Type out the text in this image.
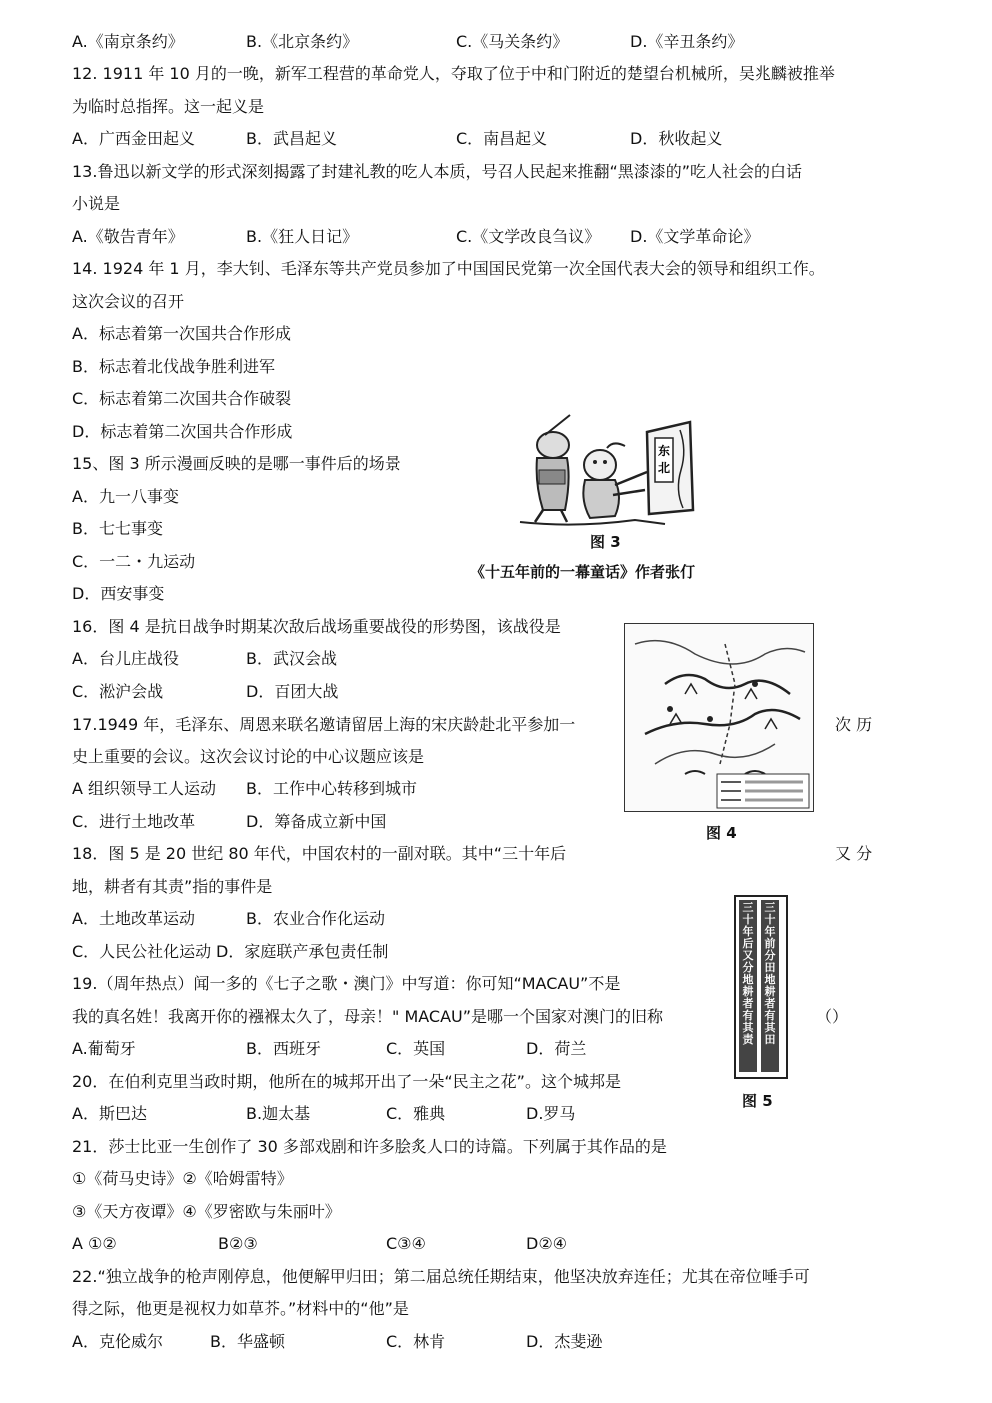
A.《南京条约》	B.《北京条约》	C.《马关条约》	D.《辛丑条约》
12. 1911 年 10 月的一晚，新军工程营的革命党人，夺取了位于中和门附近的楚望台机械所，吴兆麟被推举
为临时总指挥。这一起义是
A．广西金田起义	B．武昌起义	C．南昌起义	D．秋收起义
13.鲁迅以新文学的形式深刻揭露了封建礼教的吃人本质，号召人民起来推翻“黑漆漆的”吃人社会的白话
小说是
A.《敬告青年》	B.《狂人日记》	C.《文学改良刍议》 D.《文学革命论》
14. 1924 年 1 月，李大钊、毛泽东等共产党员参加了中国国民党第一次全国代表大会的领导和组织工作。
这次会议的召开
A．标志着第一次国共合作形成
B．标志着北伐战争胜利进军
C．标志着第二次国共合作破裂
D．标志着第二次国共合作形成
15、图 3 所示漫画反映的是哪一事件后的场景
A．九一八事变
B．七七事变
C．一二・九运动
D．西安事变
东
北
图 3
《十五年前的一幕童话》作者张仃
16．图 4 是抗日战争时期某次敌后战场重要战役的形势图，该战役是
A．台儿庄战役	B．武汉会战
C．淞沪会战	D．百团大战
图 4
17.1949 年，毛泽东、周恩来联名邀请留居上海的宋庆龄赴北平参加一	次 历
史上重要的会议。这次会议讨论的中心议题应该是
A 组织领导工人运动 B．工作中心转移到城市
C．进行土地改革	D．筹备成立新中国
18．图 5 是 20 世纪 80 年代，中国农村的一副对联。其中“三十年后	又 分
地，耕者有其责”指的事件是
A．土地改革运动	B．农业合作化运动
C．人民公社化运动 D．家庭联产承包责任制
三十年后又分地耕者有其责
三十年前分田地耕者有其田
图 5
19.（周年热点）闻一多的《七子之歌・澳门》中写道：你可知“MACAU”不是
我的真名姓！我离开你的襁褓太久了，母亲！" MACAU”是哪一个国家对澳门的旧称	（）
A.葡萄牙	B．西班牙	C．英国	D．荷兰
20．在伯利克里当政时期，他所在的城邦开出了一朵“民主之花”。这个城邦是
A．斯巴达	B.迦太基	C．雅典	D.罗马
21．莎士比亚一生创作了 30 多部戏剧和许多脍炙人口的诗篇。下列属于其作品的是
①《荷马史诗》②《哈姆雷特》
③《天方夜谭》④《罗密欧与朱丽叶》
A ①②	B②③	C③④	D②④
22.“独立战争的枪声刚停息，他便解甲归田；第二届总统任期结束，他坚决放弃连任；尤其在帝位唾手可
得之际，他更是视权力如草芥。”材料中的“他”是
A．克伦威尔	B．华盛顿	C．林肯	D．杰斐逊
